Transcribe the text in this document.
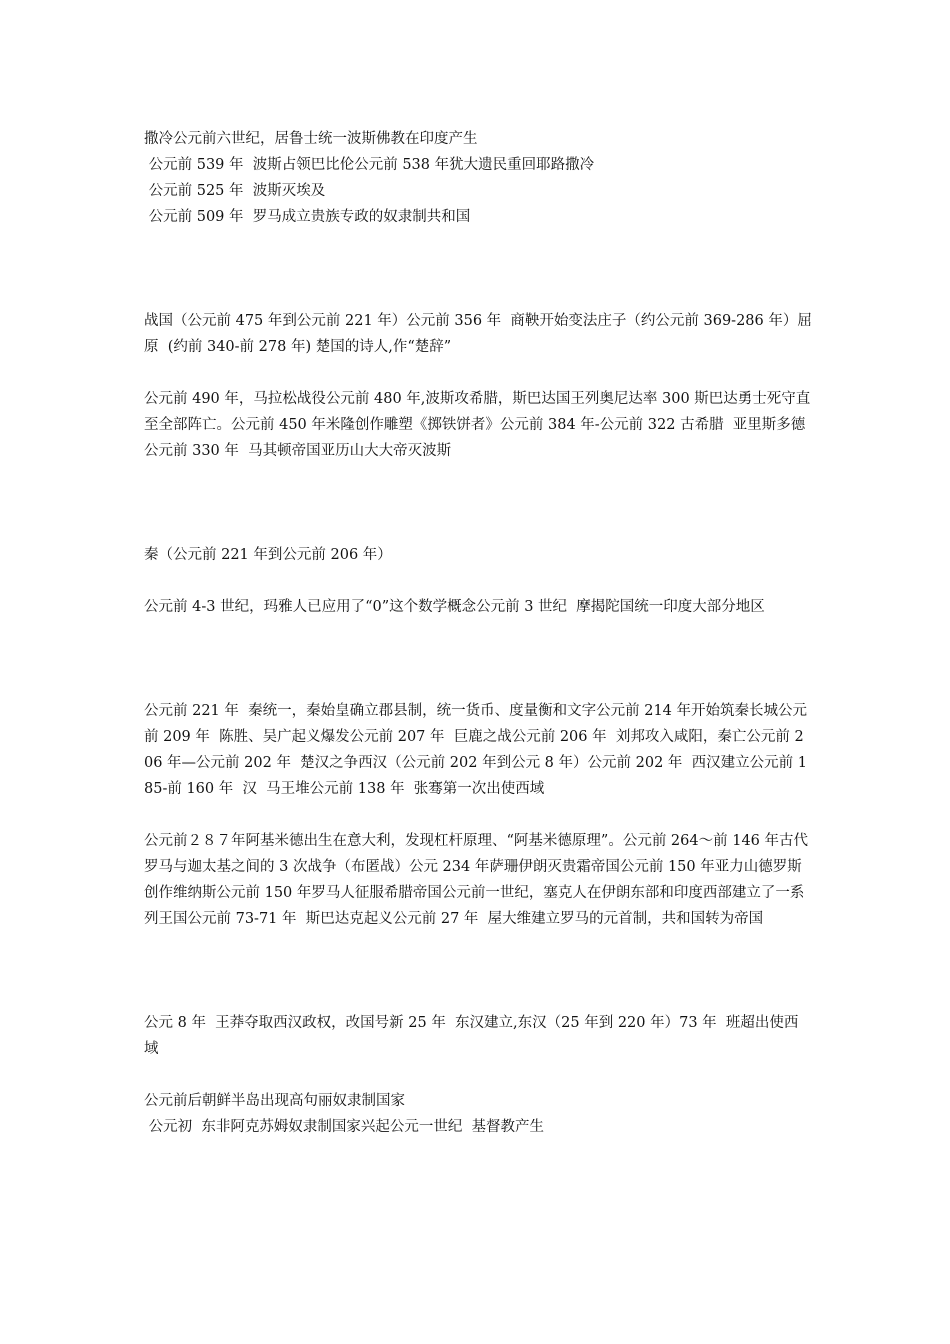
撒冷公元前六世纪，居鲁士统一波斯佛教在印度产生

公元前 539 年  波斯占领巴比伦公元前 538 年犹大遗民重回耶路撒冷

公元前 525 年  波斯灭埃及

公元前 509 年  罗马成立贵族专政的奴隶制共和国

战国（公元前 475 年到公元前 221 年）公元前 356 年  商鞅开始变法庄子（约公元前 369-286 年）屈原  (约前 340-前 278 年) 楚国的诗人,作“楚辞”

公元前 490 年，马拉松战役公元前 480 年,波斯攻希腊，斯巴达国王列奥尼达率 300 斯巴达勇士死守直至全部阵亡。公元前 450 年米隆创作雕塑《掷铁饼者》公元前 384 年-公元前 322 古希腊  亚里斯多德公元前 330 年  马其顿帝国亚历山大大帝灭波斯

秦（公元前 221 年到公元前 206 年）

公元前 4-3 世纪，玛雅人已应用了“0”这个数学概念公元前 3 世纪  摩揭陀国统一印度大部分地区

公元前 221 年  秦统一，秦始皇确立郡县制，统一货币、度量衡和文字公元前 214 年开始筑秦长城公元前 209 年  陈胜、吴广起义爆发公元前 207 年  巨鹿之战公元前 206 年  刘邦攻入咸阳，秦亡公元前 206 年—公元前 202 年  楚汉之争西汉（公元前 202 年到公元 8 年）公元前 202 年  西汉建立公元前 185-前 160 年  汉  马王堆公元前 138 年  张骞第一次出使西域

公元前２８７年阿基米德出生在意大利，发现杠杆原理、“阿基米德原理”。公元前 264～前 146 年古代罗马与迦太基之间的 3 次战争（布匿战）公元 234 年萨珊伊朗灭贵霜帝国公元前 150 年亚力山德罗斯创作维纳斯公元前 150 年罗马人征服希腊帝国公元前一世纪，塞克人在伊朗东部和印度西部建立了一系列王国公元前 73-71 年  斯巴达克起义公元前 27 年  屋大维建立罗马的元首制，共和国转为帝国

公元 8 年  王莽夺取西汉政权，改国号新 25 年  东汉建立,东汉（25 年到 220 年）73 年  班超出使西域

公元前后朝鲜半岛出现高句丽奴隶制国家

公元初  东非阿克苏姆奴隶制国家兴起公元一世纪  基督教产生
